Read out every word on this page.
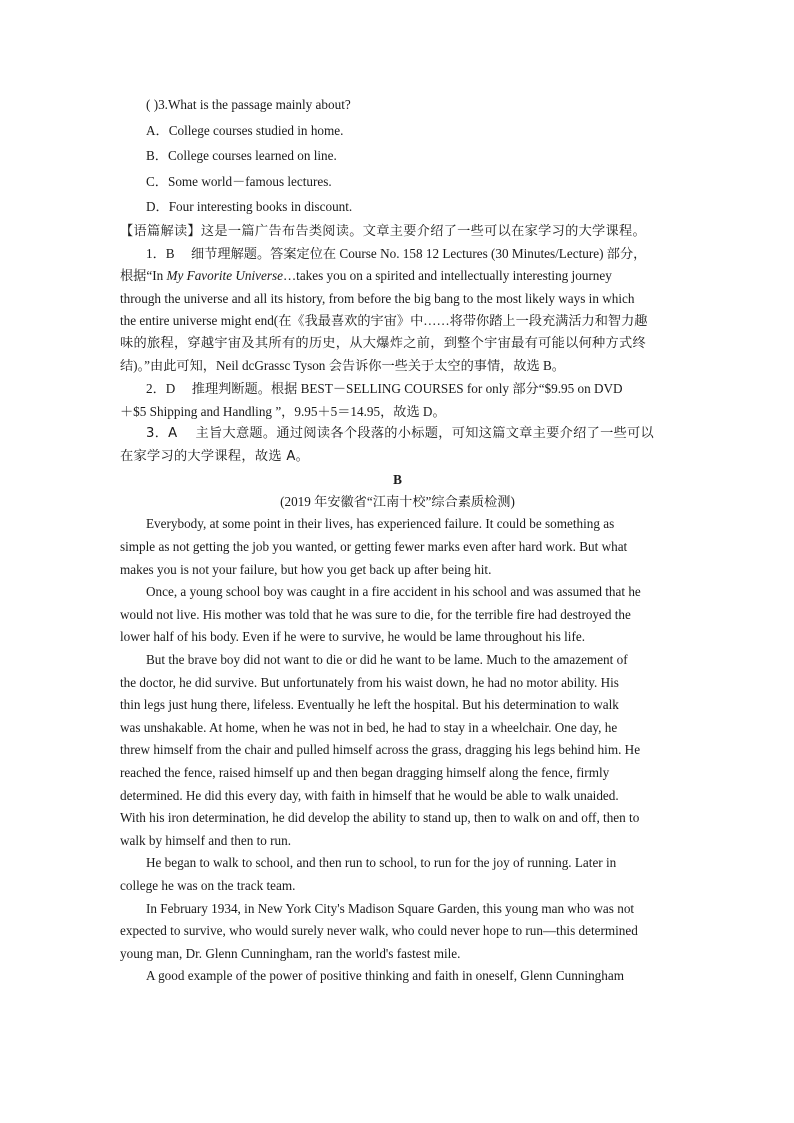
( )3.What is the passage mainly about?
A．College courses studied in home.
B．College courses learned on line.
C．Some world－famous lectures.
D．Four interesting books in discount.
【语篇解读】这是一篇广告布告类阅读。文章主要介绍了一些可以在家学习的大学课程。
1．B　 细节理解题。答案定位在 Course No. 158 12 Lectures (30 Minutes/Lecture) 部分，
根据“In My Favorite Universe…takes you on a spirited and intellectually interesting journey
through the universe and all its history, from before the big bang to the most likely ways in which
the entire universe might end(在《我最喜欢的宇宙》中……将带你踏上一段充满活力和智力趣
味的旅程，穿越宇宙及其所有的历史，从大爆炸之前，到整个宇宙最有可能以何种方式终
结)。”由此可知，Neil dcGrassc Tyson 会告诉你一些关于太空的事情，故选 B。
2．D　 推理判断题。根据 BEST－SELLING COURSES for only 部分“$9.95 on DVD
＋$5 Shipping and Handling ”，9.95＋5＝14.95，故选 D。
3．A　 主旨大意题。通过阅读各个段落的小标题，可知这篇文章主要介绍了一些可以
在家学习的大学课程，故选 A。
B
(2019 年安徽省“江南十校”综合素质检测)
Everybody, at some point in their lives, has experienced failure. It could be something as
simple as not getting the job you wanted, or getting fewer marks even after hard work. But what
makes you is not your failure, but how you get back up after being hit.
Once, a young school boy was caught in a fire accident in his school and was assumed that he
would not live. His mother was told that he was sure to die, for the terrible fire had destroyed the
lower half of his body. Even if he were to survive, he would be lame throughout his life.
But the brave boy did not want to die or did he want to be lame. Much to the amazement of
the doctor, he did survive. But unfortunately from his waist down, he had no motor ability. His
thin legs just hung there, lifeless. Eventually he left the hospital. But his determination to walk
was unshakable. At home, when he was not in bed, he had to stay in a wheelchair. One day, he
threw himself from the chair and pulled himself across the grass, dragging his legs behind him. He
reached the fence, raised himself up and then began dragging himself along the fence, firmly
determined. He did this every day, with faith in himself that he would be able to walk unaided.
With his iron determination, he did develop the ability to stand up, then to walk on and off, then to
walk by himself and then to run.
He began to walk to school, and then run to school, to run for the joy of running. Later in
college he was on the track team.
In February 1934, in New York City's Madison Square Garden, this young man who was not
expected to survive, who would surely never walk, who could never hope to run—this determined
young man, Dr. Glenn Cunningham, ran the world's fastest mile.
A good example of the power of positive thinking and faith in oneself, Glenn Cunningham
